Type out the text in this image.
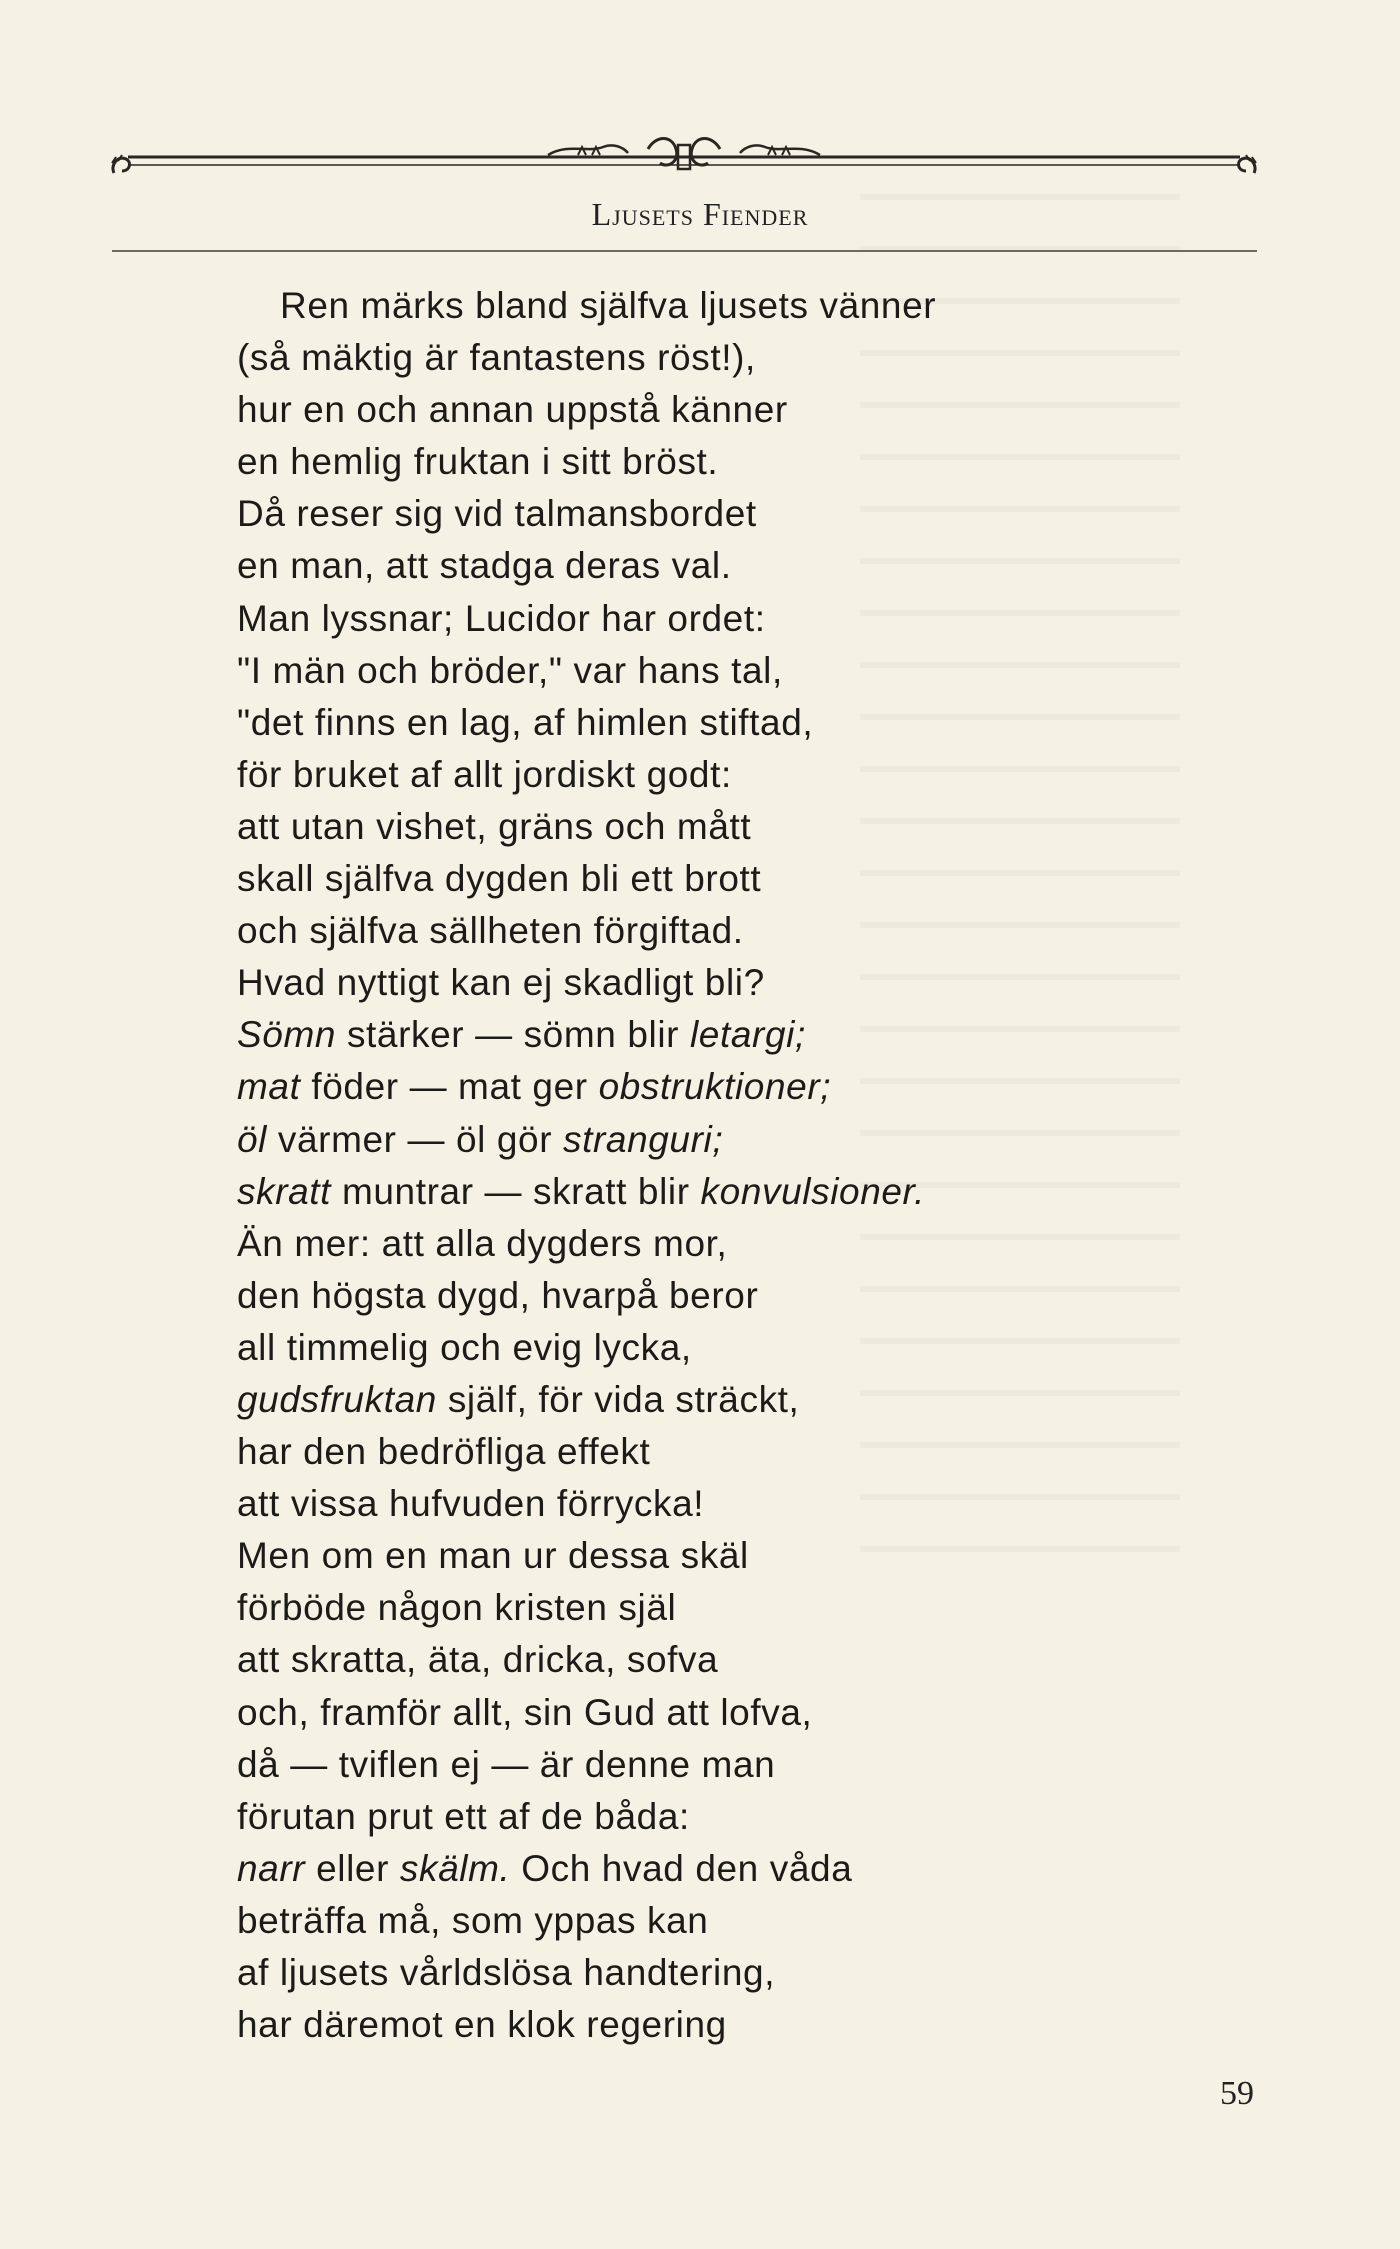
Ljusets Fiender
Ren märks bland själfva ljusets vänner
(så mäktig är fantastens röst!),
hur en och annan uppstå känner
en hemlig fruktan i sitt bröst.
Då reser sig vid talmansbordet
en man, att stadga deras val.
Man lyssnar; Lucidor har ordet:
"I män och bröder," var hans tal,
"det finns en lag, af himlen stiftad,
för bruket af allt jordiskt godt:
att utan vishet, gräns och mått
skall själfva dygden bli ett brott
och själfva sällheten förgiftad.
Hvad nyttigt kan ej skadligt bli?
Sömn stärker — sömn blir letargi;
mat föder — mat ger obstruktioner;
öl värmer — öl gör stranguri;
skratt muntrar — skratt blir konvulsioner.
Än mer: att alla dygders mor,
den högsta dygd, hvarpå beror
all timmelig och evig lycka,
gudsfruktan själf, för vida sträckt,
har den bedröfliga effekt
att vissa hufvuden förrycka!
Men om en man ur dessa skäl
förböde någon kristen själ
att skratta, äta, dricka, sofva
och, framför allt, sin Gud att lofva,
då — tviflen ej — är denne man
förutan prut ett af de båda:
narr eller skälm. Och hvad den våda
beträffa må, som yppas kan
af ljusets vårldslösa handtering,
har däremot en klok regering
59
